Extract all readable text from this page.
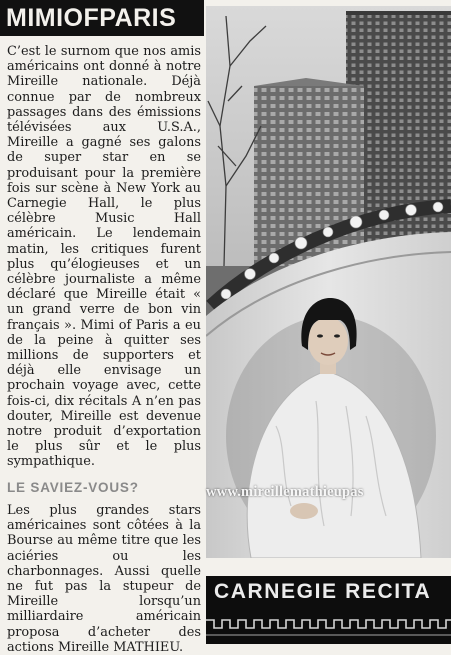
MIMIOFPARIS

C’est le surnom que nos amis américains ont donné à notre Mireille nationale. Déjà connue par de nombreux passages dans des émissions télévisées aux U.S.A., Mireille a gagné ses galons de super star en se produisant pour la première fois sur scène à New York au Carnegie Hall, le plus célèbre Music Hall américain. Le lendemain matin, les critiques furent plus qu’élogieuses et un célèbre journaliste a même déclaré que Mireille était « un grand verre de bon vin français ». Mimi of Paris a eu de la peine à quitter ses millions de supporters et déjà elle envisage un prochain voyage avec, cette fois-ci, dix récitals A n’en pas douter, Mireille est devenue notre produit d’exportation le plus sûr et le plus sympathique.

LE SAVIEZ-VOUS?

Les plus grandes stars américaines sont côtées à la Bourse au même titre que les aciéries ou les charbonnages. Aussi quelle ne fut pas la stupeur de Mireille lorsqu’un milliardaire américain proposa d’acheter des actions Mireille MATHIEU.

www.mireillemathieupas
CARNEGIE RECITA
